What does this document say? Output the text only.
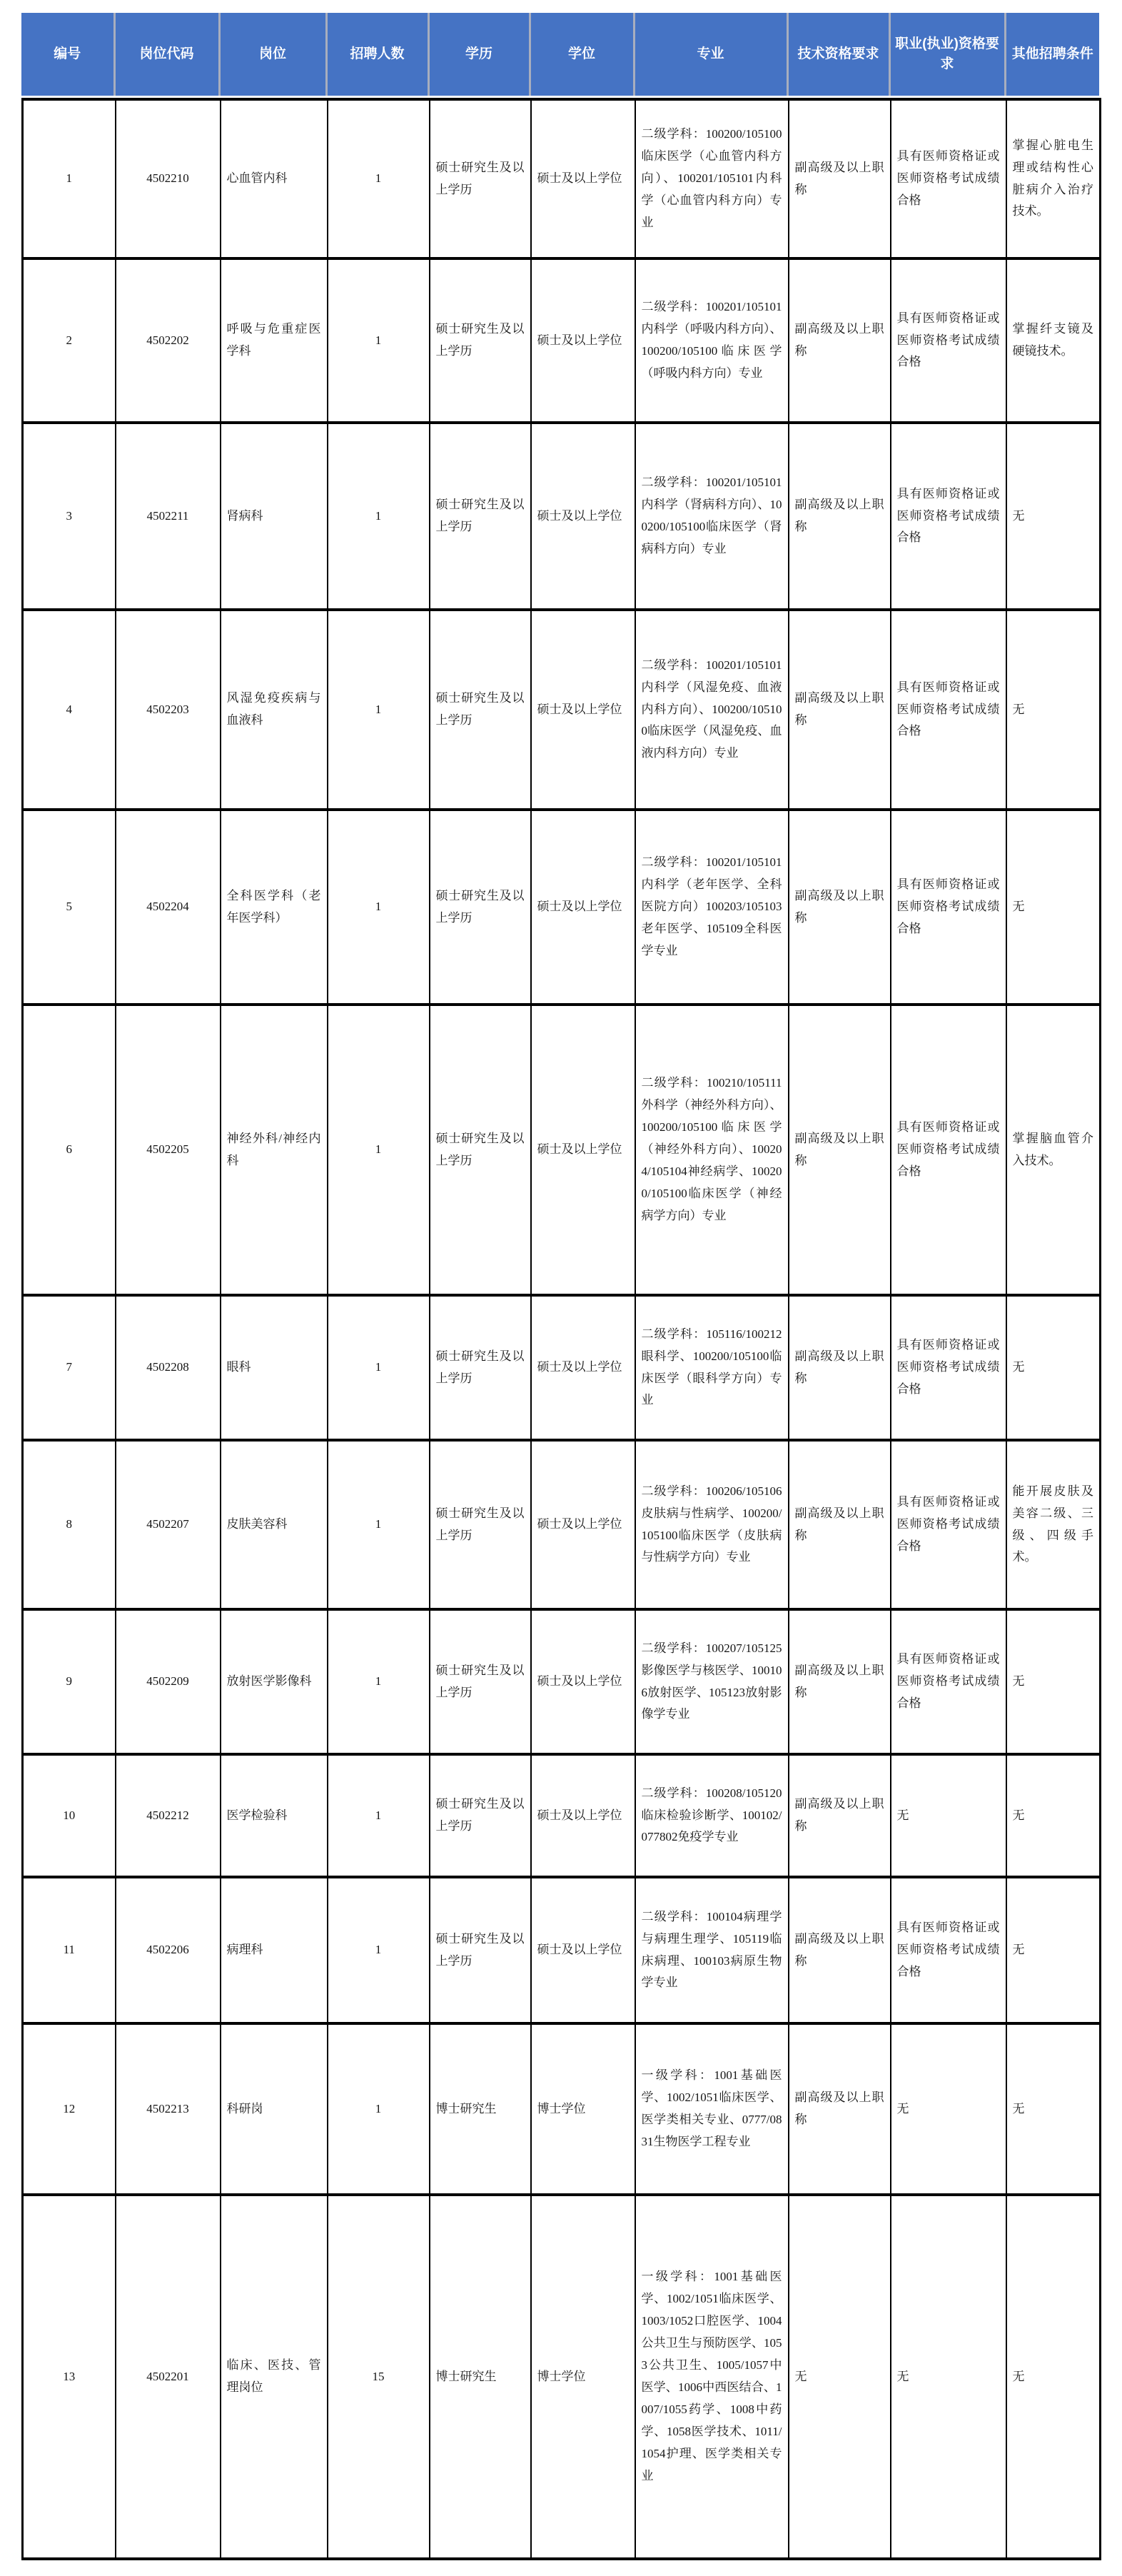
编号	岗位代码	岗位	招聘人数	学历	学位	专业	技术资格要求	职业(执业)资格要求	其他招聘条件
1	4502210	心血管内科	1	硕士研究生及以上学历	硕士及以上学位	二级学科：100200/105100临床医学（心血管内科方向）、100201/105101内科学（心血管内科方向）专业	副高级及以上职称	具有医师资格证或医师资格考试成绩合格	掌握心脏电生理或结构性心脏病介入治疗技术。
2	4502202	呼吸与危重症医学科	1	硕士研究生及以上学历	硕士及以上学位	二级学科：100201/105101内科学（呼吸内科方向）、100200/105100临床医学（呼吸内科方向）专业	副高级及以上职称	具有医师资格证或医师资格考试成绩合格	掌握纤支镜及硬镜技术。
3	4502211	肾病科	1	硕士研究生及以上学历	硕士及以上学位	二级学科：100201/105101内科学（肾病科方向）、100200/105100临床医学（肾病科方向）专业	副高级及以上职称	具有医师资格证或医师资格考试成绩合格	无
4	4502203	风湿免疫疾病与血液科	1	硕士研究生及以上学历	硕士及以上学位	二级学科：100201/105101内科学（风湿免疫、血液内科方向）、100200/105100临床医学（风湿免疫、血液内科方向）专业	副高级及以上职称	具有医师资格证或医师资格考试成绩合格	无
5	4502204	全科医学科（老年医学科）	1	硕士研究生及以上学历	硕士及以上学位	二级学科：100201/105101内科学（老年医学、全科医院方向）100203/105103老年医学、105109全科医学专业	副高级及以上职称	具有医师资格证或医师资格考试成绩合格	无
6	4502205	神经外科/神经内科	1	硕士研究生及以上学历	硕士及以上学位	二级学科：100210/105111外科学（神经外科方向）、100200/105100临床医学（神经外科方向）、100204/105104神经病学、100200/105100临床医学（神经病学方向）专业	副高级及以上职称	具有医师资格证或医师资格考试成绩合格	掌握脑血管介入技术。
7	4502208	眼科	1	硕士研究生及以上学历	硕士及以上学位	二级学科：105116/100212眼科学、100200/105100临床医学（眼科学方向）专业	副高级及以上职称	具有医师资格证或医师资格考试成绩合格	无
8	4502207	皮肤美容科	1	硕士研究生及以上学历	硕士及以上学位	二级学科：100206/105106 皮肤病与性病学、100200/105100临床医学（皮肤病与性病学方向）专业	副高级及以上职称	具有医师资格证或医师资格考试成绩合格	能开展皮肤及美容二级、三级、四级手术。
9	4502209	放射医学影像科	1	硕士研究生及以上学历	硕士及以上学位	二级学科：100207/105125影像医学与核医学、100106放射医学、105123放射影像学专业	副高级及以上职称	具有医师资格证或医师资格考试成绩合格	无
10	4502212	医学检验科	1	硕士研究生及以上学历	硕士及以上学位	二级学科：100208/105120临床检验诊断学、100102/077802免疫学专业	副高级及以上职称	无	无
11	4502206	病理科	1	硕士研究生及以上学历	硕士及以上学位	二级学科：100104病理学与病理生理学、105119临床病理、100103病原生物学专业	副高级及以上职称	具有医师资格证或医师资格考试成绩合格	无
12	4502213	科研岗	1	博士研究生	博士学位	一级学科：1001基础医学、1002/1051临床医学、医学类相关专业、0777/0831生物医学工程专业	副高级及以上职称	无	无
13	4502201	临床、医技、管理岗位	15	博士研究生	博士学位	一级学科：1001基础医学、1002/1051临床医学、1003/1052口腔医学、1004公共卫生与预防医学、1053公共卫生、1005/1057中医学、1006中西医结合、1007/1055药学、1008中药学、1058医学技术、1011/1054护理、医学类相关专业	无	无	无
